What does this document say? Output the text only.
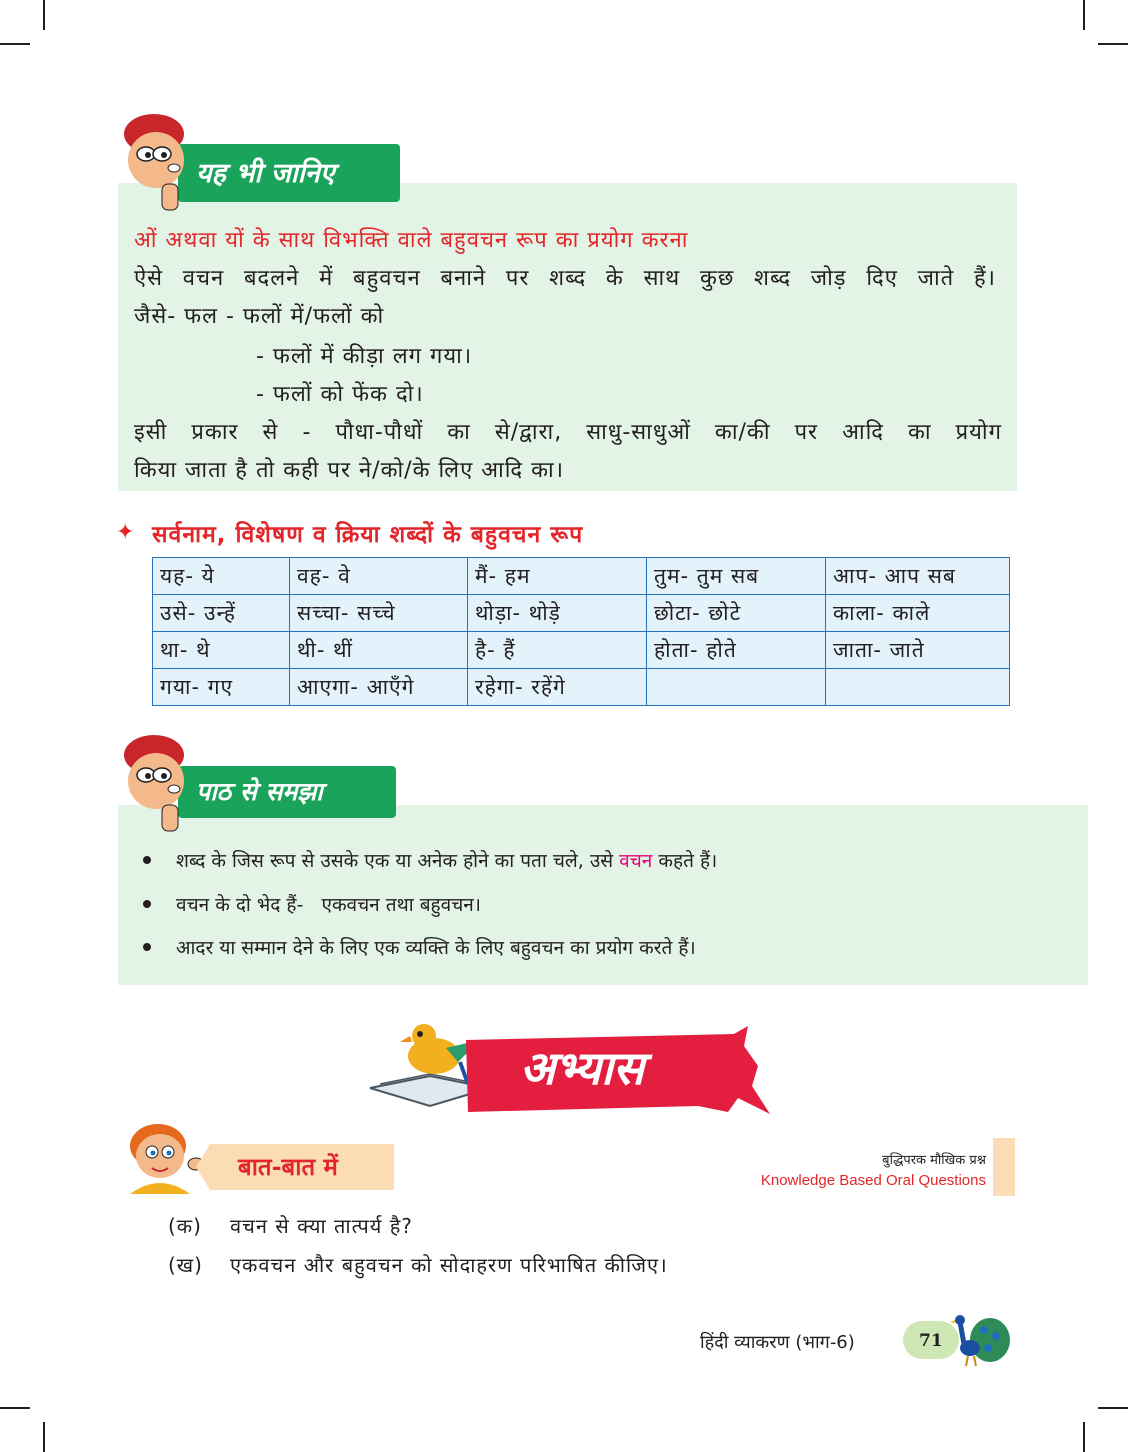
यह भी जानिए
ओं अथवा यों के साथ विभक्ति वाले बहुवचन रूप का प्रयोग करना
ऐसे वचन बदलने में बहुवचन बनाने पर शब्द के साथ कुछ शब्द जोड़ दिए जाते हैं।
जैसे- फल - फलों में/फलों को
- फलों में कीड़ा लग गया।
- फलों को फेंक दो।
इसी प्रकार से - पौधा-पौधों का से/द्वारा, साधु-साधुओं का/की पर आदि का प्रयोग
किया जाता है तो कही पर ने/को/के लिए आदि का।
✦ सर्वनाम, विशेषण व क्रिया शब्दों के बहुवचन रूप
यह- ये	वह- वे	मैं- हम	तुम- तुम सब	आप- आप सब
उसे- उन्हें	सच्चा- सच्चे	थोड़ा- थोड़े	छोटा- छोटे	काला- काले
था- थे	थी- थीं	है- हैं	होता- होते	जाता- जाते
गया- गए	आएगा- आएँगे	रहेगा- रहेंगे		
पाठ से समझा
शब्द के जिस रूप से उसके एक या अनेक होने का पता चले, उसे वचन कहते हैं।
वचन के दो भेद हैं-   एकवचन तथा बहुवचन।
आदर या सम्मान देने के लिए एक व्यक्ति के लिए बहुवचन का प्रयोग करते हैं।
अभ्यास
बात-बात में	बुद्धिपरक मौखिक प्रश्न
Knowledge Based Oral Questions
(क) वचन से क्या तात्पर्य है?
(ख) एकवचन और बहुवचन को सोदाहरण परिभाषित कीजिए।
हिंदी व्याकरण (भाग-6)	71
